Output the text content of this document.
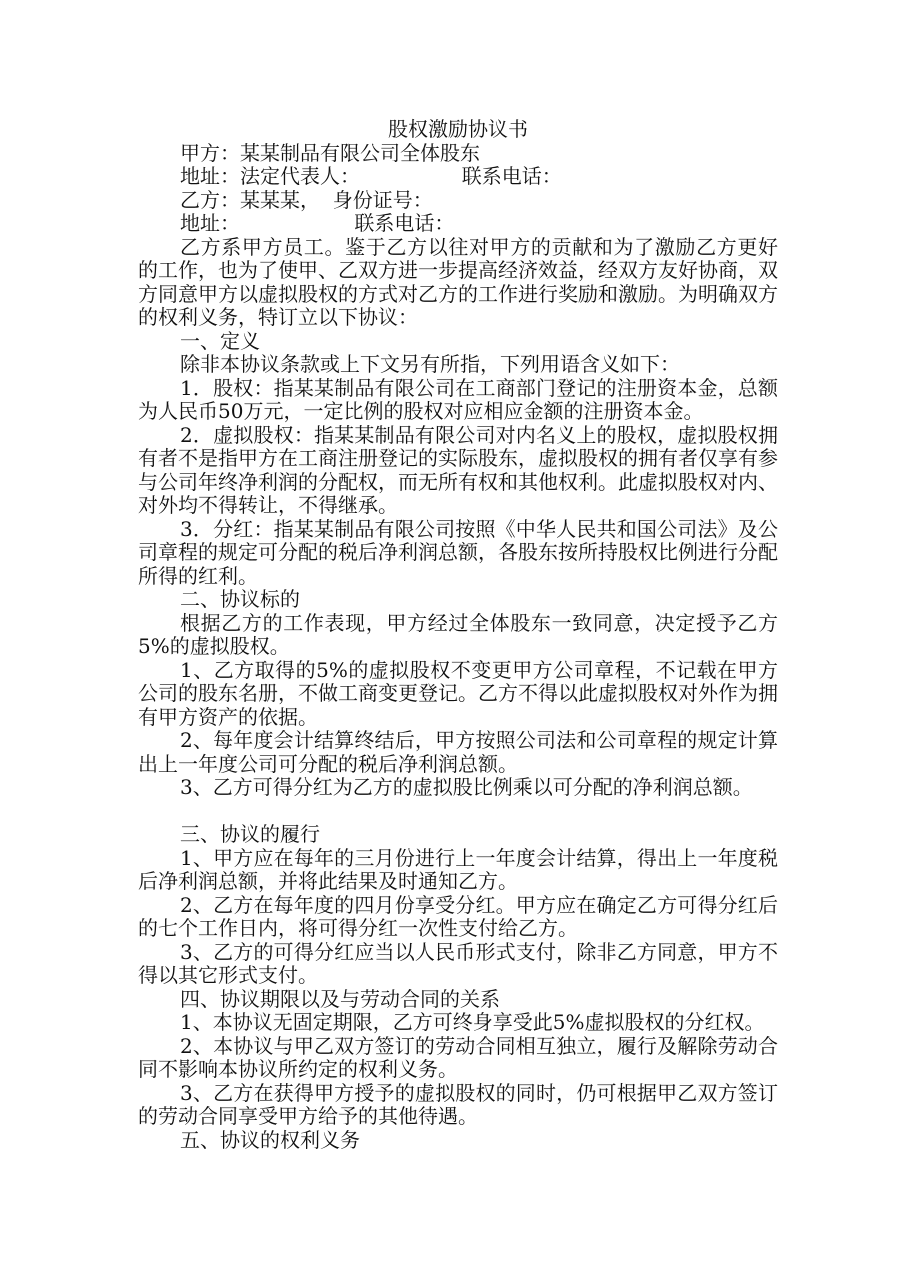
股权激励协议书

甲方：某某制品有限公司全体股东

地址：法定代表人：                联系电话：

乙方：某某某，  身份证号：

地址：                  联系电话：

乙方系甲方员工。鉴于乙方以往对甲方的贡献和为了激励乙方更好的工作，也为了使甲、乙双方进一步提高经济效益，经双方友好协商，双方同意甲方以虚拟股权的方式对乙方的工作进行奖励和激励。为明确双方的权利义务，特订立以下协议：

一、定义

除非本协议条款或上下文另有所指，下列用语含义如下：

1．股权：指某某制品有限公司在工商部门登记的注册资本金，总额为人民币50万元，一定比例的股权对应相应金额的注册资本金。

2．虚拟股权：指某某制品有限公司对内名义上的股权，虚拟股权拥有者不是指甲方在工商注册登记的实际股东，虚拟股权的拥有者仅享有参与公司年终净利润的分配权，而无所有权和其他权利。此虚拟股权对内、对外均不得转让，不得继承。

3．分红：指某某制品有限公司按照《中华人民共和国公司法》及公司章程的规定可分配的税后净利润总额，各股东按所持股权比例进行分配所得的红利。

二、协议标的

根据乙方的工作表现，甲方经过全体股东一致同意，决定授予乙方5%的虚拟股权。

1、乙方取得的5%的虚拟股权不变更甲方公司章程，不记载在甲方公司的股东名册，不做工商变更登记。乙方不得以此虚拟股权对外作为拥有甲方资产的依据。

2、每年度会计结算终结后，甲方按照公司法和公司章程的规定计算出上一年度公司可分配的税后净利润总额。

3、乙方可得分红为乙方的虚拟股比例乘以可分配的净利润总额。

三、协议的履行

1、甲方应在每年的三月份进行上一年度会计结算，得出上一年度税后净利润总额，并将此结果及时通知乙方。

2、乙方在每年度的四月份享受分红。甲方应在确定乙方可得分红后的七个工作日内，将可得分红一次性支付给乙方。

3、乙方的可得分红应当以人民币形式支付，除非乙方同意，甲方不得以其它形式支付。

四、协议期限以及与劳动合同的关系

1、本协议无固定期限，乙方可终身享受此5%虚拟股权的分红权。

2、本协议与甲乙双方签订的劳动合同相互独立，履行及解除劳动合同不影响本协议所约定的权利义务。

3、乙方在获得甲方授予的虚拟股权的同时，仍可根据甲乙双方签订的劳动合同享受甲方给予的其他待遇。

五、协议的权利义务
